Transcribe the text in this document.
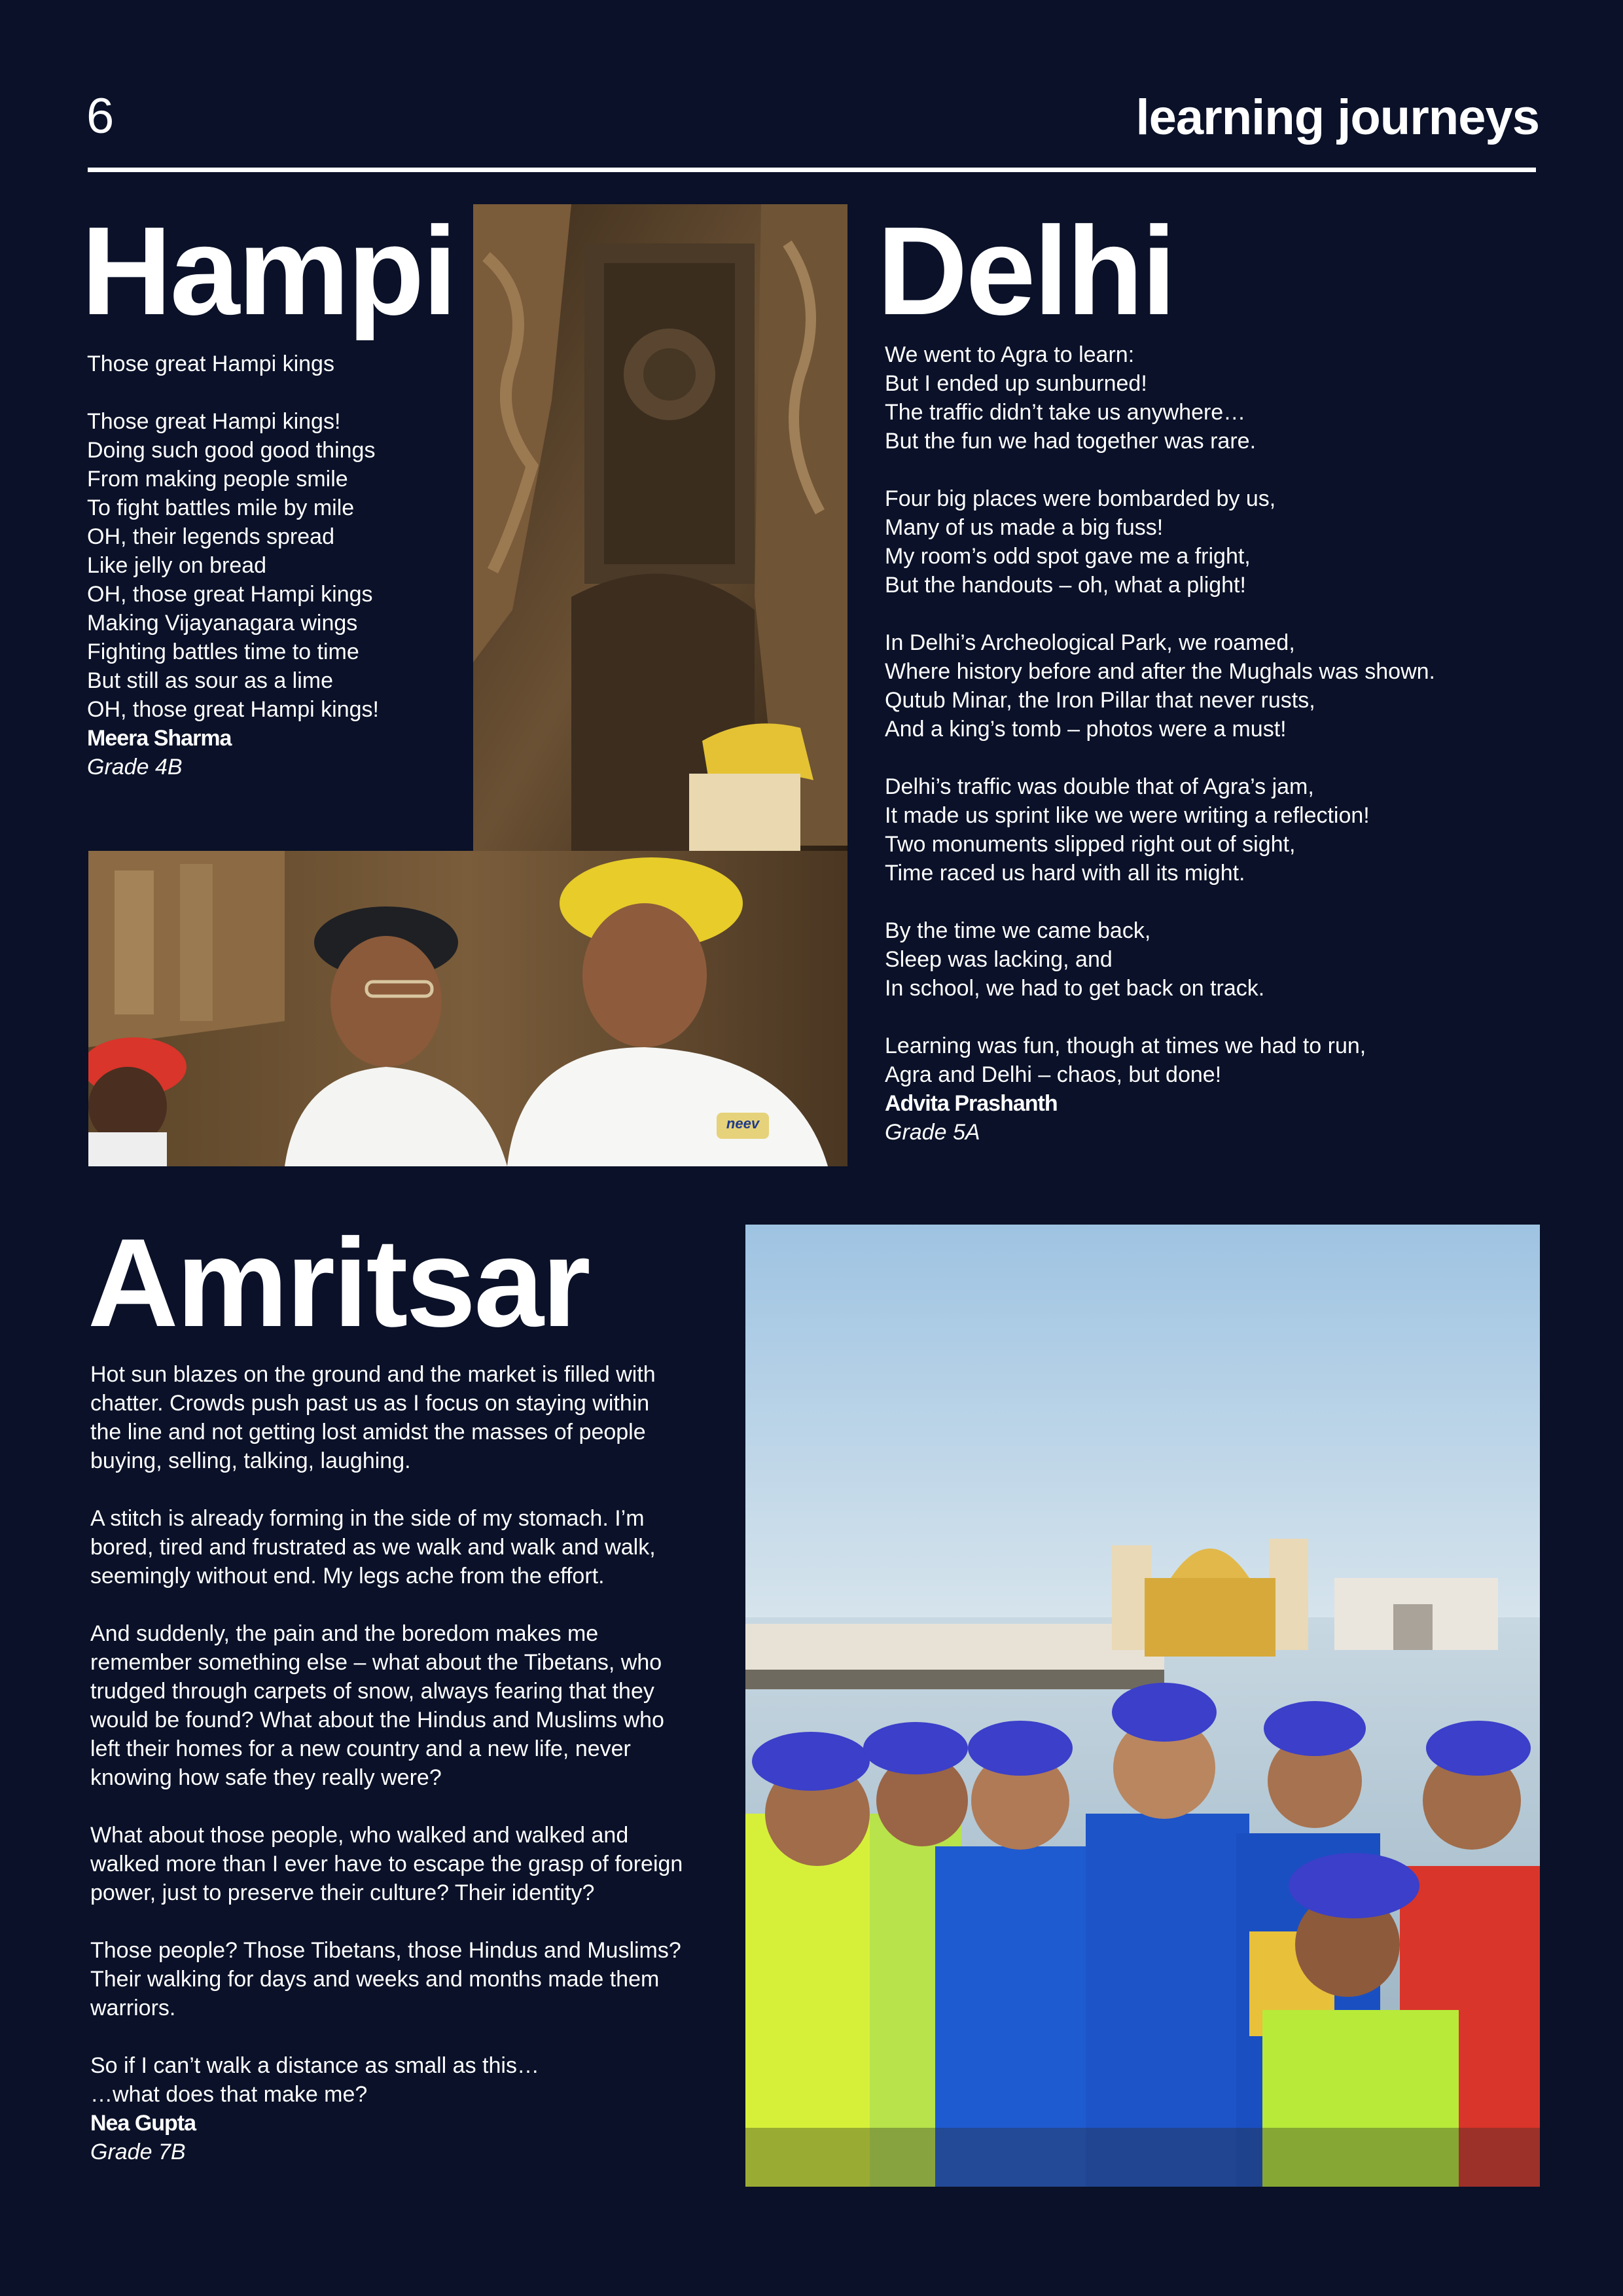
6	learning journeys
Hampi
neev

Those great Hampi kings

Those great Hampi kings!

Doing such good good things

From making people smile

To fight battles mile by mile

OH, their legends spread

Like jelly on bread

OH, those great Hampi kings

Making Vijayanagara wings

Fighting battles time to time

But still as sour as a lime

OH, those great Hampi kings!

Meera Sharma

Grade 4B

Delhi

We went to Agra to learn:

But I ended up sunburned!

The traffic didn’t take us anywhere…

But the fun we had together was rare.

Four big places were bombarded by us,

Many of us made a big fuss!

My room’s odd spot gave me a fright,

But the handouts – oh, what a plight!

In Delhi’s Archeological Park, we roamed,

Where history before and after the Mughals was shown.

Qutub Minar, the Iron Pillar that never rusts,

And a king’s tomb – photos were a must!

Delhi’s traffic was double that of Agra’s jam,

It made us sprint like we were writing a reflection!

Two monuments slipped right out of sight,

Time raced us hard with all its might.

By the time we came back,

Sleep was lacking, and

In school, we had to get back on track.

Learning was fun, though at times we had to run,

Agra and Delhi – chaos, but done!

Advita Prashanth

Grade 5A

Amritsar

Hot sun blazes on the ground and the market is filled with

chatter. Crowds push past us as I focus on staying within

the line and not getting lost amidst the masses of people

buying, selling, talking, laughing.

A stitch is already forming in the side of my stomach. I’m

bored, tired and frustrated as we walk and walk and walk,

seemingly without end. My legs ache from the effort.

And suddenly, the pain and the boredom makes me

remember something else – what about the Tibetans, who

trudged through carpets of snow, always fearing that they

would be found? What about the Hindus and Muslims who

left their homes for a new country and a new life, never

knowing how safe they really were?

What about those people, who walked and walked and

walked more than I ever have to escape the grasp of foreign

power, just to preserve their culture? Their identity?

Those people? Those Tibetans, those Hindus and Muslims?

Their walking for days and weeks and months made them

warriors.

So if I can’t walk a distance as small as this…

…what does that make me?

Nea Gupta

Grade 7B
